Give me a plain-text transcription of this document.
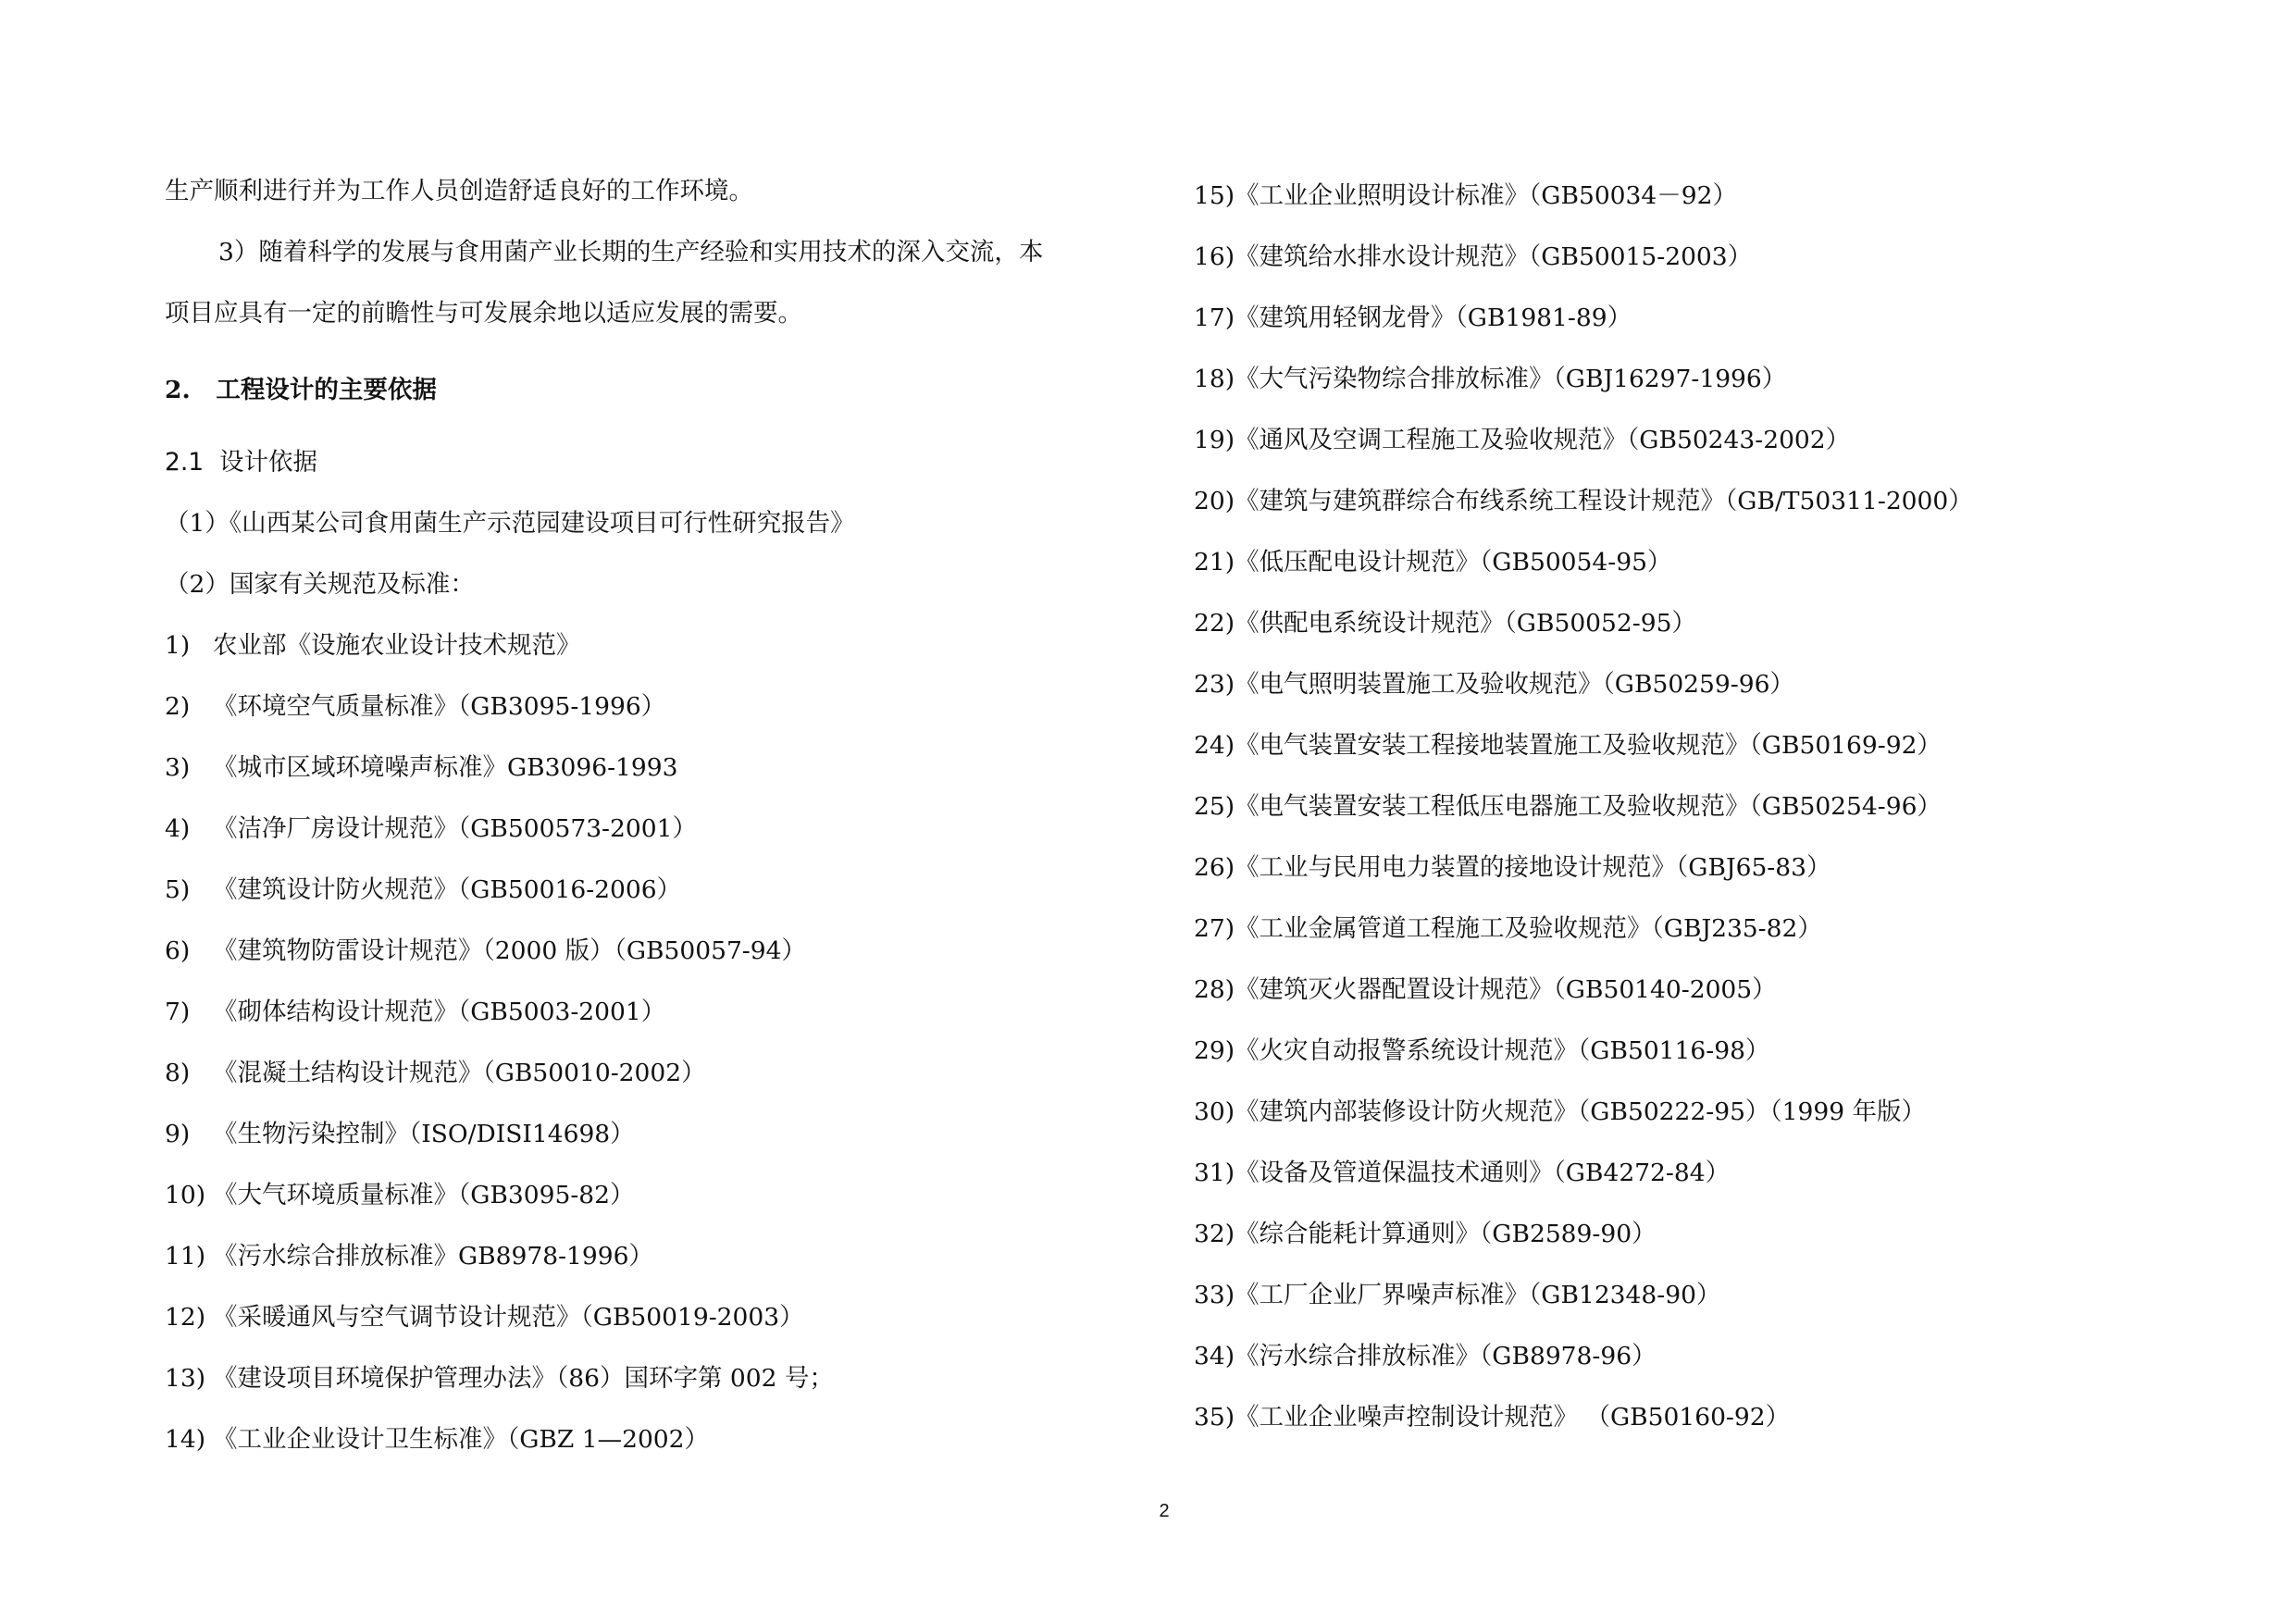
生产顺利进行并为工作人员创造舒适良好的工作环境。
3）随着科学的发展与食用菌产业长期的生产经验和实用技术的深入交流，本
项目应具有一定的前瞻性与可发展余地以适应发展的需要。
2. 工程设计的主要依据
2.1 设计依据
（1）《山西某公司食用菌生产示范园建设项目可行性研究报告》
（2）国家有关规范及标准：
1) 农业部《设施农业设计技术规范》
2) 《环境空气质量标准》（GB3095-1996）
3) 《城市区域环境噪声标准》GB3096-1993
4) 《洁净厂房设计规范》（GB500573-2001）
5) 《建筑设计防火规范》（GB50016-2006）
6) 《建筑物防雷设计规范》（2000 版）（GB50057-94）
7) 《砌体结构设计规范》（GB5003-2001）
8) 《混凝土结构设计规范》（GB50010-2002）
9) 《生物污染控制》（ISO/DISI14698）
10) 《大气环境质量标准》（GB3095-82）
11) 《污水综合排放标准》GB8978-1996）
12) 《采暖通风与空气调节设计规范》（GB50019-2003）
13) 《建设项目环境保护管理办法》（86）国环字第 002 号；
14) 《工业企业设计卫生标准》（GBZ 1—2002）
15)《工业企业照明设计标准》（GB50034－92）
16)《建筑给水排水设计规范》（GB50015-2003）
17)《建筑用轻钢龙骨》（GB1981-89）
18)《大气污染物综合排放标准》（GBJ16297-1996）
19)《通风及空调工程施工及验收规范》（GB50243-2002）
20)《建筑与建筑群综合布线系统工程设计规范》（GB/T50311-2000）
21)《低压配电设计规范》（GB50054-95）
22)《供配电系统设计规范》（GB50052-95）
23)《电气照明装置施工及验收规范》（GB50259-96）
24)《电气装置安装工程接地装置施工及验收规范》（GB50169-92）
25)《电气装置安装工程低压电器施工及验收规范》（GB50254-96）
26)《工业与民用电力装置的接地设计规范》（GBJ65-83）
27)《工业金属管道工程施工及验收规范》（GBJ235-82）
28)《建筑灭火器配置设计规范》（GB50140-2005）
29)《火灾自动报警系统设计规范》（GB50116-98）
30)《建筑内部装修设计防火规范》（GB50222-95）（1999 年版）
31)《设备及管道保温技术通则》（GB4272-84）
32)《综合能耗计算通则》（GB2589-90）
33)《工厂企业厂界噪声标准》（GB12348-90）
34)《污水综合排放标准》（GB8978-96）
35)《工业企业噪声控制设计规范》 （GB50160-92）
2
